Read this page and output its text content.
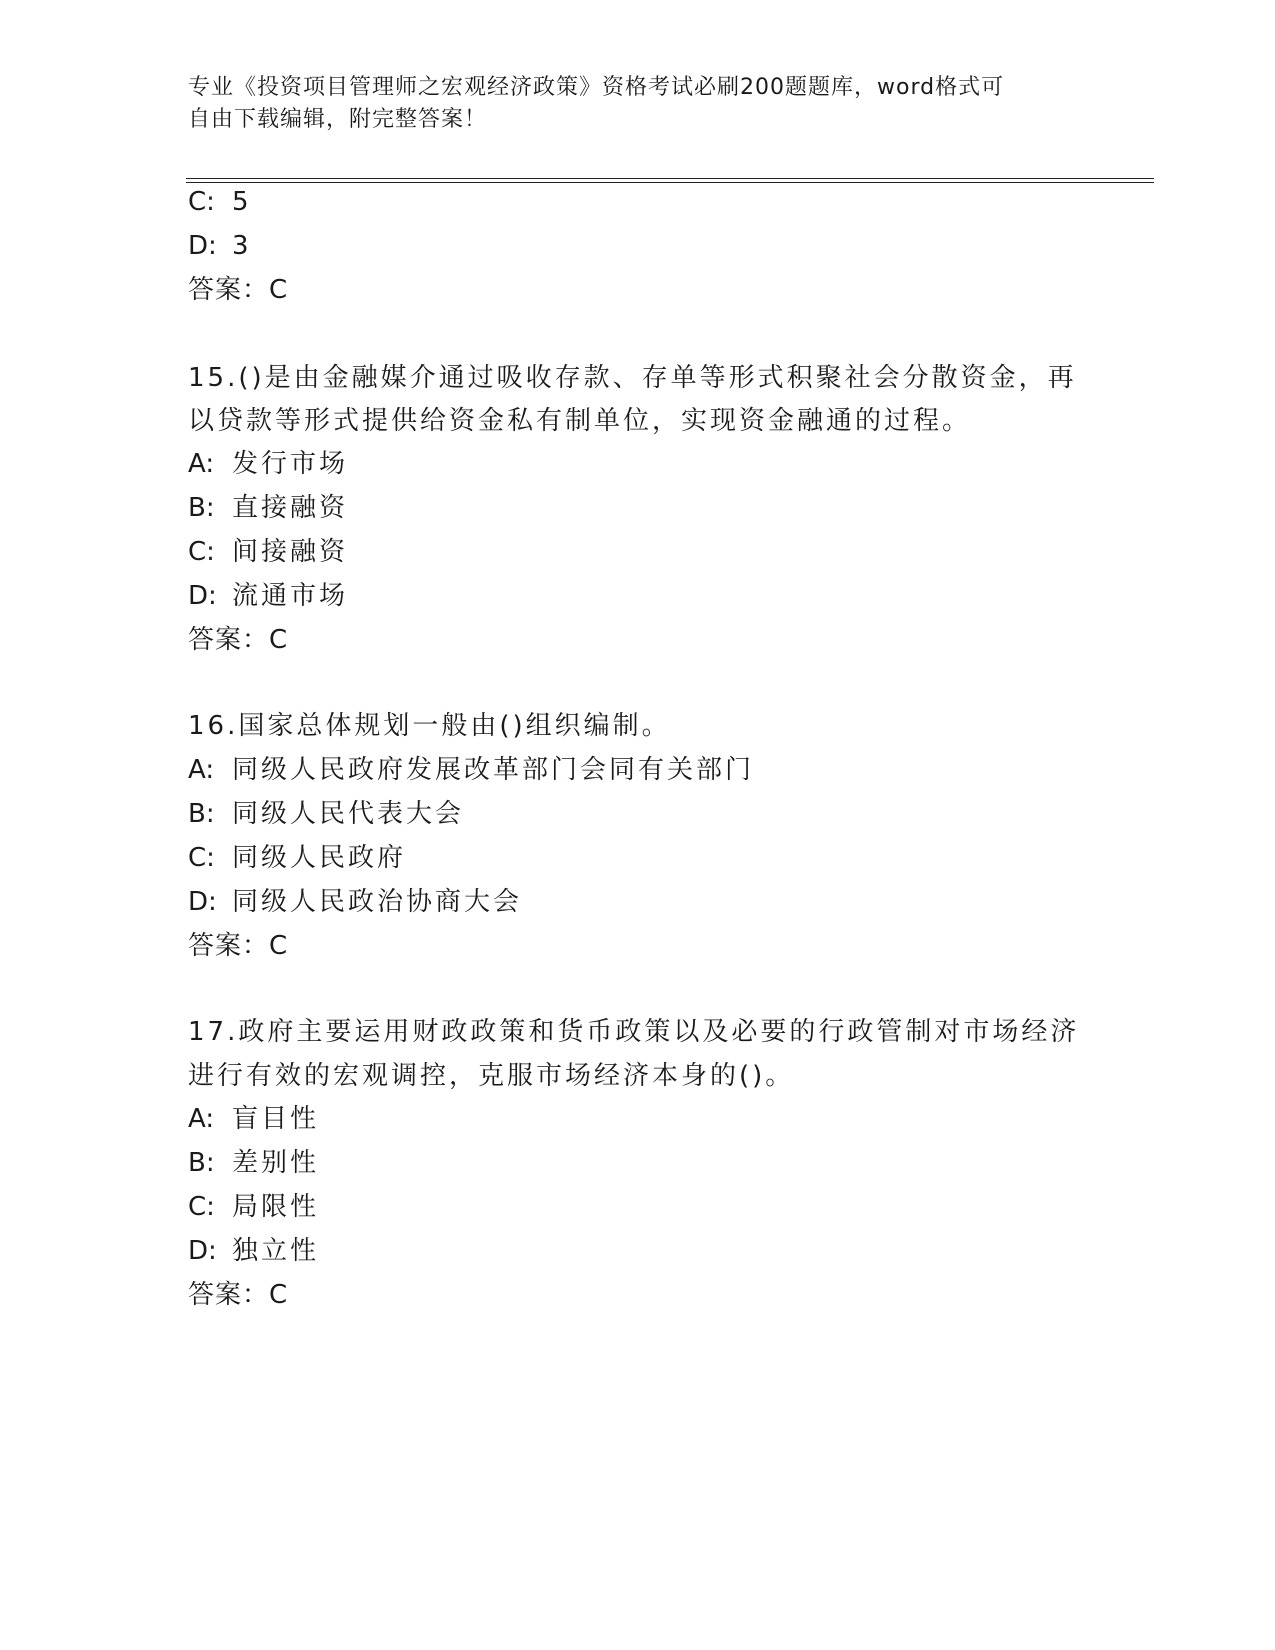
专业《投资项目管理师之宏观经济政策》资格考试必刷200题题库，word格式可
自由下载编辑，附完整答案！
C: 5
D: 3
答案：C
15.()是由金融媒介通过吸收存款、存单等形式积聚社会分散资金，再
以贷款等形式提供给资金私有制单位，实现资金融通的过程。
A: 发行市场
B: 直接融资
C: 间接融资
D: 流通市场
答案：C
16.国家总体规划一般由()组织编制。
A: 同级人民政府发展改革部门会同有关部门
B: 同级人民代表大会
C: 同级人民政府
D: 同级人民政治协商大会
答案：C
17.政府主要运用财政政策和货币政策以及必要的行政管制对市场经济
进行有效的宏观调控，克服市场经济本身的()。
A: 盲目性
B: 差别性
C: 局限性
D: 独立性
答案：C
